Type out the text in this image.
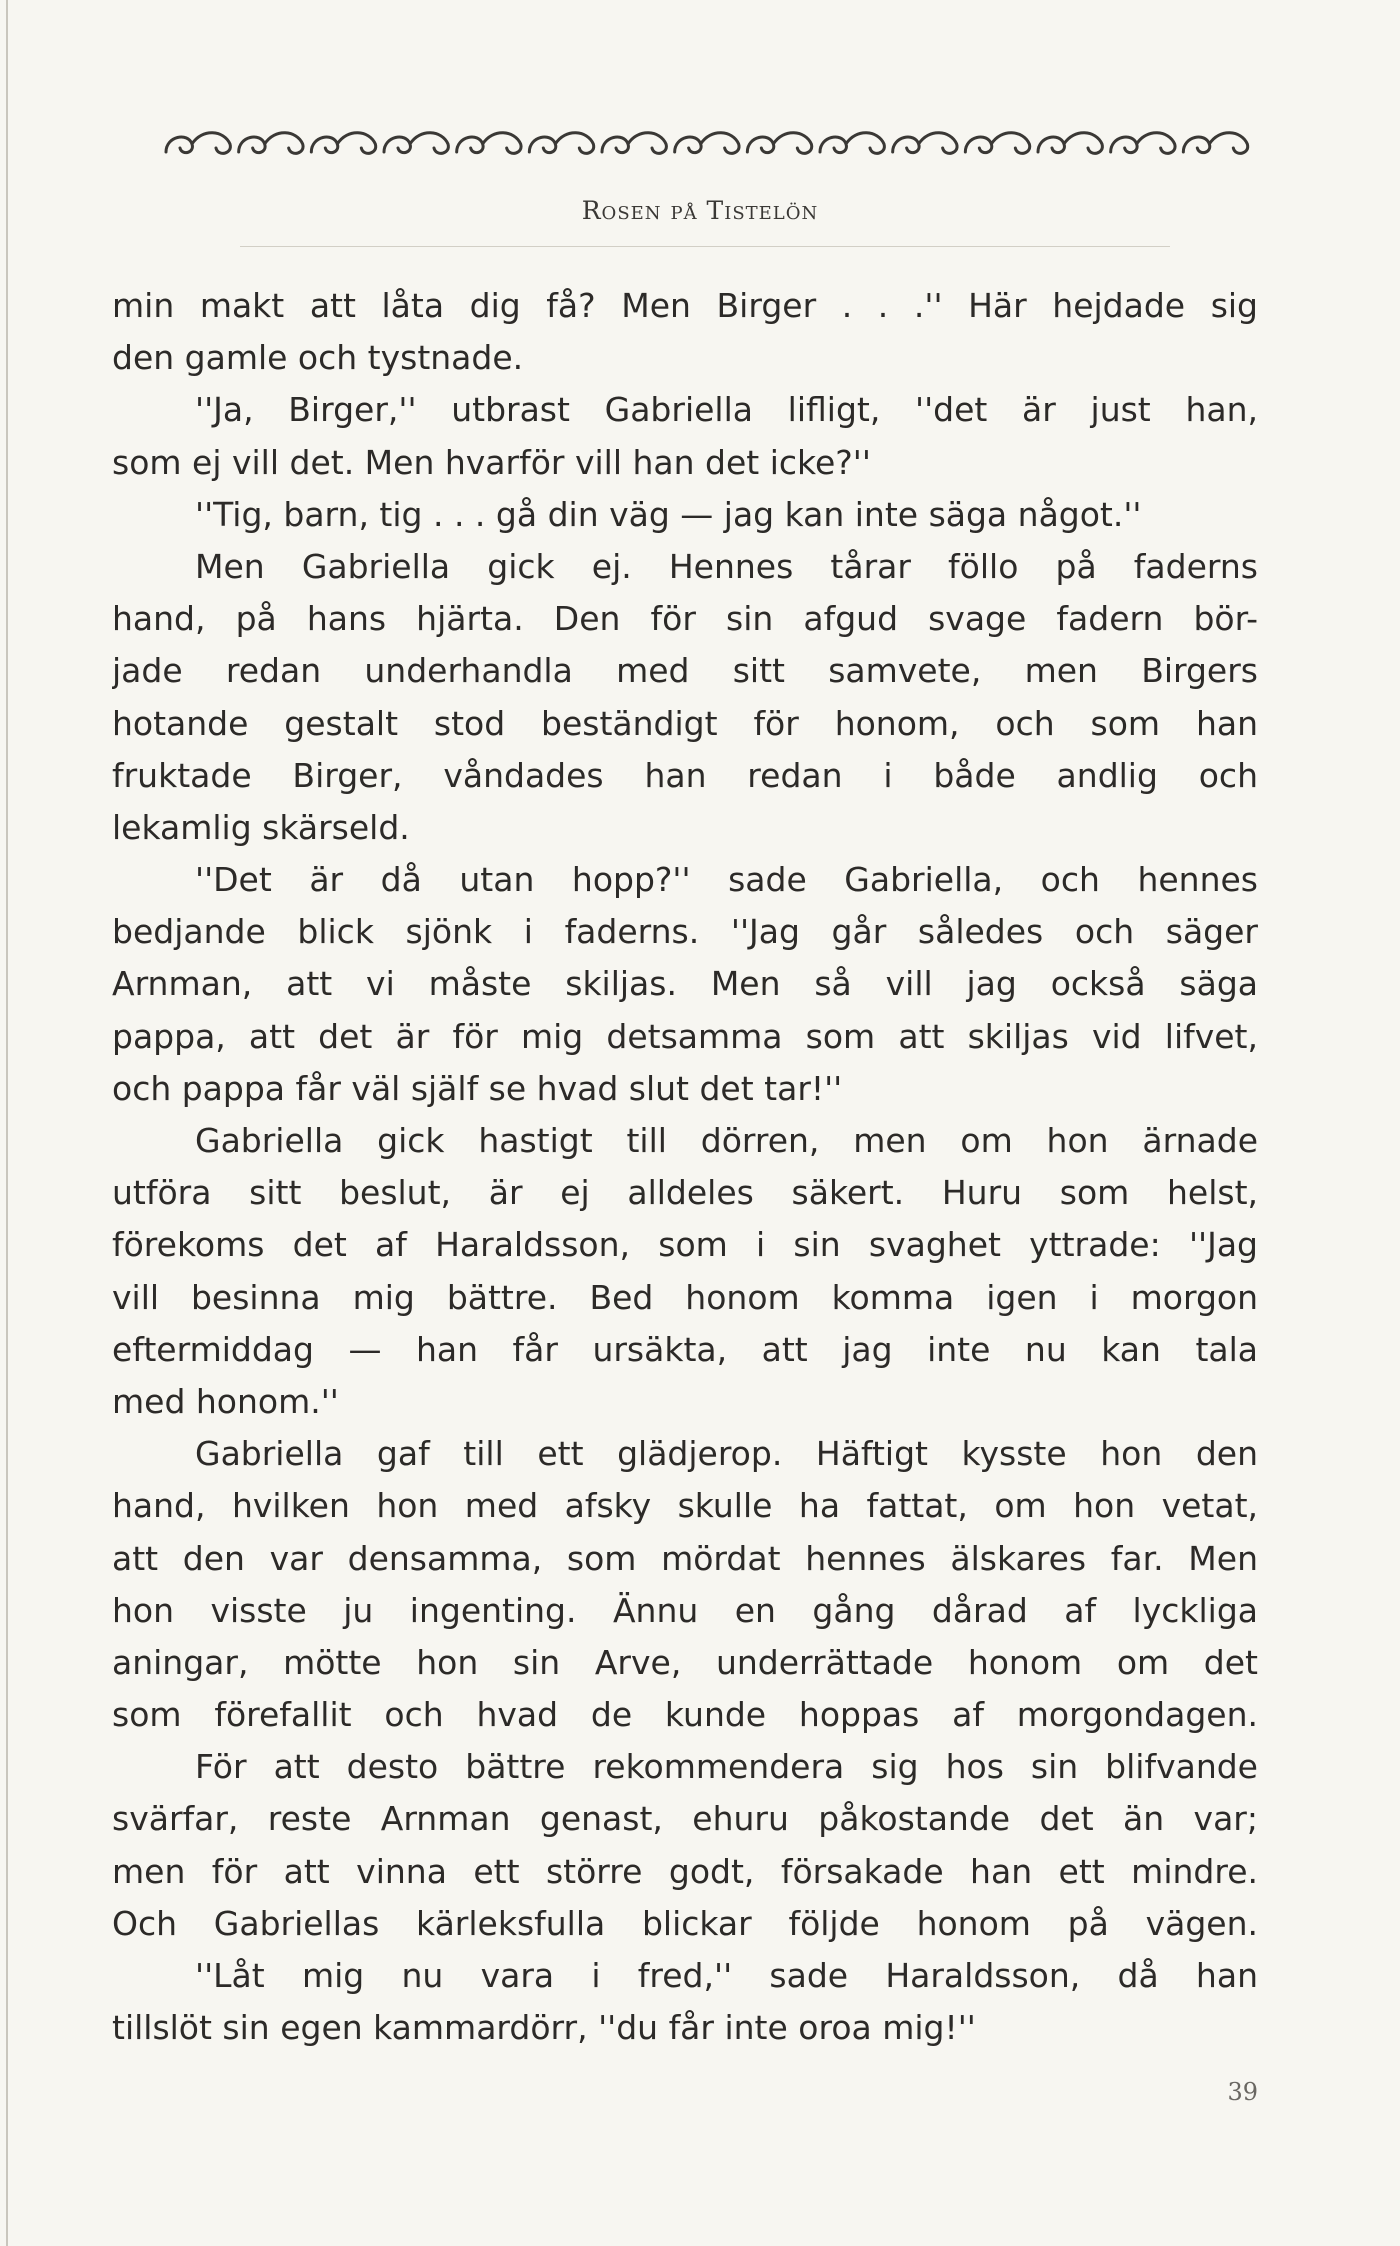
Rosen på Tistelön
min makt att låta dig få? Men Birger . . .'' Här hejdade sig
den gamle och tystnade.
''Ja, Birger,'' utbrast Gabriella lifligt, ''det är just han,
som ej vill det. Men hvarför vill han det icke?''
''Tig, barn, tig . . . gå din väg — jag kan inte säga något.''
Men Gabriella gick ej. Hennes tårar föllo på faderns
hand, på hans hjärta. Den för sin afgud svage fadern bör-
jade redan underhandla med sitt samvete, men Birgers
hotande gestalt stod beständigt för honom, och som han
fruktade Birger, våndades han redan i både andlig och
lekamlig skärseld.
''Det är då utan hopp?'' sade Gabriella, och hennes
bedjande blick sjönk i faderns. ''Jag går således och säger
Arnman, att vi måste skiljas. Men så vill jag också säga
pappa, att det är för mig detsamma som att skiljas vid lifvet,
och pappa får väl själf se hvad slut det tar!''
Gabriella gick hastigt till dörren, men om hon ärnade
utföra sitt beslut, är ej alldeles säkert. Huru som helst,
förekoms det af Haraldsson, som i sin svaghet yttrade: ''Jag
vill besinna mig bättre. Bed honom komma igen i morgon
eftermiddag — han får ursäkta, att jag inte nu kan tala
med honom.''
Gabriella gaf till ett glädjerop. Häftigt kysste hon den
hand, hvilken hon med afsky skulle ha fattat, om hon vetat,
att den var densamma, som mördat hennes älskares far. Men
hon visste ju ingenting. Ännu en gång dårad af lyckliga
aningar, mötte hon sin Arve, underrättade honom om det
som förefallit och hvad de kunde hoppas af morgondagen.
För att desto bättre rekommendera sig hos sin blifvande
svärfar, reste Arnman genast, ehuru påkostande det än var;
men för att vinna ett större godt, försakade han ett mindre.
Och Gabriellas kärleksfulla blickar följde honom på vägen.
''Låt mig nu vara i fred,'' sade Haraldsson, då han
tillslöt sin egen kammardörr, ''du får inte oroa mig!''
39
